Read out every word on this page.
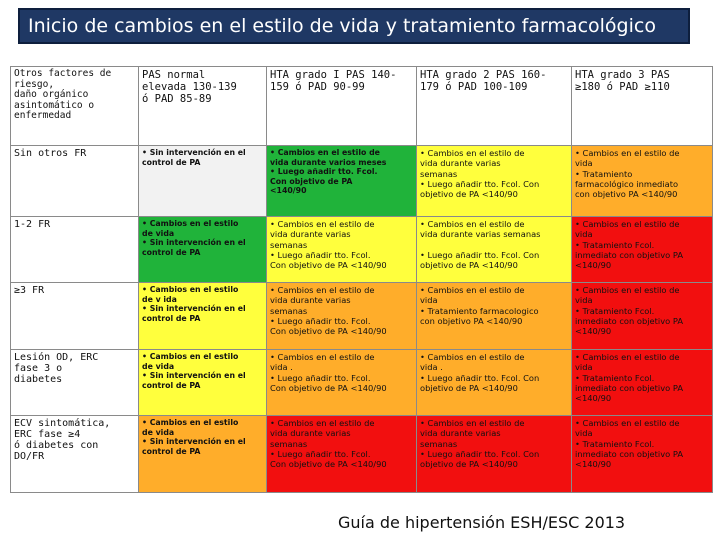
Inicio de cambios en el estilo de vida y tratamiento farmacológico
Otros factores de
riesgo,
daño orgánico
asintomático o
enfermedad	PAS normal
elevada 130-139
ó PAD 85-89	HTA grado I PAS 140-
159 ó PAD 90-99	HTA grado 2 PAS 160-
179 ó PAD 100-109	HTA grado 3 PAS
≥180 ó PAD ≥110

Sin otros FR	• Sin intervención en el
control de PA	• Cambios en el estilo de
vida durante varios meses
• Luego añadir tto. Fcol.
Con objetivo de PA
<140/90	• Cambios en el estilo de
vida durante varias
semanas
• Luego añadir tto. Fcol. Con
objetivo de PA <140/90	• Cambios en el estilo de
vida
• Tratamiento
farmacológico inmediato
con objetivo PA <140/90

1-2 FR	• Cambios en el estilo
de vida
• Sin intervención en el
control de PA	• Cambios en el estilo de
vida durante varias
semanas
• Luego añadir tto. Fcol.
Con objetivo de PA <140/90	• Cambios en el estilo de
vida durante varias semanas

• Luego añadir tto. Fcol. Con
objetivo de PA <140/90	• Cambios en el estilo de
vida
• Tratamiento Fcol.
inmediato con objetivo PA
<140/90

≥3 FR	• Cambios en el estilo
de v ida
• Sin intervención en el
control de PA	• Cambios en el estilo de
vida durante varias
semanas
• Luego añadir tto. Fcol.
Con objetivo de PA <140/90	• Cambios en el estilo de
vida
• Tratamiento farmacologico
con objetivo PA <140/90	• Cambios en el estilo de
vida
• Tratamiento Fcol.
inmediato con objetivo PA
<140/90

Lesión OD, ERC
fase 3 o
diabetes	• Cambios en el estilo
de vida
• Sin intervención en el
control de PA	• Cambios en el estilo de
vida .
• Luego añadir tto. Fcol.
Con objetivo de PA <140/90	• Cambios en el estilo de
vida .
• Luego añadir tto. Fcol. Con
objetivo de PA <140/90	• Cambios en el estilo de
vida
• Tratamiento Fcol.
inmediato con objetivo PA
<140/90

ECV sintomática,
ERC fase ≥4
ó diabetes con
DO/FR	• Cambios en el estilo
de vida
• Sin intervención en el
control de PA	• Cambios en el estilo de
vida durante varias
semanas
• Luego añadir tto. Fcol.
Con objetivo de PA <140/90	• Cambios en el estilo de
vida durante varias
semanas
• Luego añadir tto. Fcol. Con
objetivo de PA <140/90	• Cambios en el estilo de
vida
• Tratamiento Fcol.
inmediato con objetivo PA
<140/90
Guía de hipertensión ESH/ESC 2013
